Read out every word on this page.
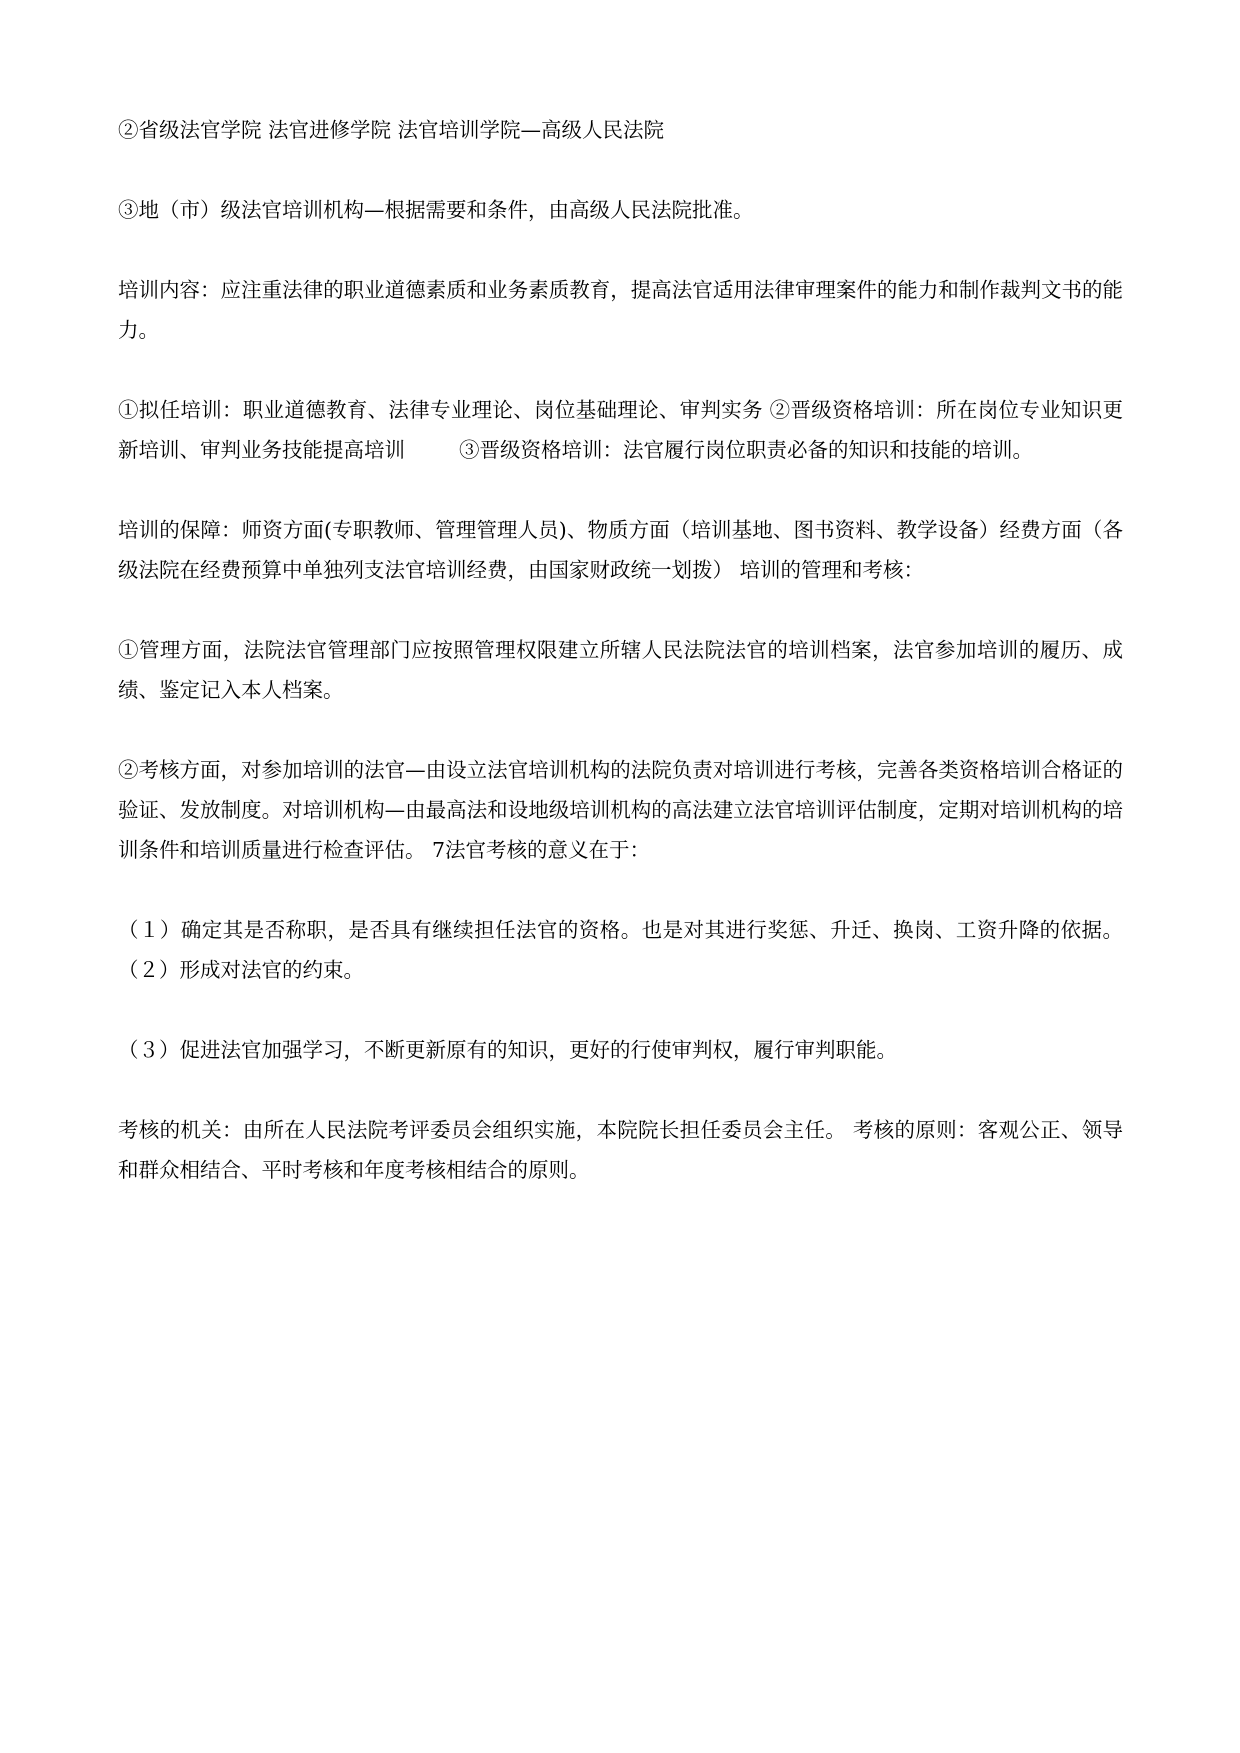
②省级法官学院 法官进修学院 法官培训学院—高级人民法院

③地（市）级法官培训机构—根据需要和条件，由高级人民法院批准。

培训内容：应注重法律的职业道德素质和业务素质教育，提高法官适用法律审理案件的能力和制作裁判文书的能力。

①拟任培训：职业道德教育、法律专业理论、岗位基础理论、审判实务 ②晋级资格培训：所在岗位专业知识更新培训、审判业务技能提高培训	③晋级资格培训：法官履行岗位职责必备的知识和技能的培训。

培训的保障：师资方面(专职教师、管理管理人员)、物质方面（培训基地、图书资料、教学设备）经费方面（各级法院在经费预算中单独列支法官培训经费，由国家财政统一划拨） 培训的管理和考核：

①管理方面，法院法官管理部门应按照管理权限建立所辖人民法院法官的培训档案，法官参加培训的履历、成绩、鉴定记入本人档案。

②考核方面，对参加培训的法官—由设立法官培训机构的法院负责对培训进行考核，完善各类资格培训合格证的验证、发放制度。对培训机构—由最高法和设地级培训机构的高法建立法官培训评估制度，定期对培训机构的培训条件和培训质量进行检查评估。 7法官考核的意义在于：

（１）确定其是否称职，是否具有继续担任法官的资格。也是对其进行奖惩、升迁、换岗、工资升降的依据。 （２）形成对法官的约束。

（３）促进法官加强学习，不断更新原有的知识，更好的行使审判权，履行审判职能。

考核的机关：由所在人民法院考评委员会组织实施，本院院长担任委员会主任。 考核的原则：客观公正、领导和群众相结合、平时考核和年度考核相结合的原则。
